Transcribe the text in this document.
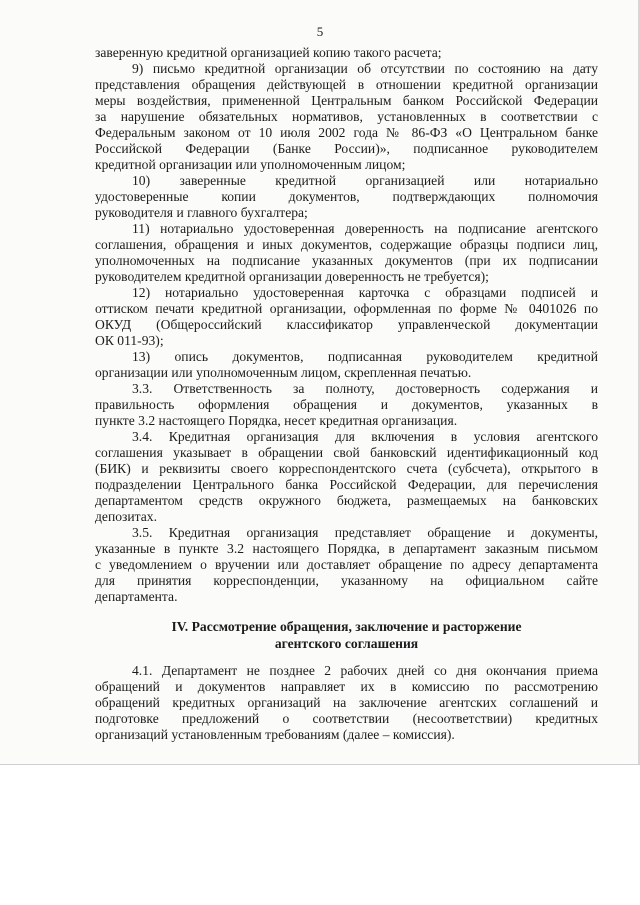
5
заверенную кредитной организацией копию такого расчета;
9) письмо кредитной организации об отсутствии по состоянию на дату
представления обращения действующей в отношении кредитной организации
меры воздействия, примененной Центральным банком Российской Федерации
за нарушение обязательных нормативов, установленных в соответствии с
Федеральным законом от 10 июля 2002 года № 86-ФЗ «О Центральном банке
Российской Федерации (Банке России)», подписанное руководителем
кредитной организации или уполномоченным лицом;
10) заверенные кредитной организацией или нотариально
удостоверенные копии документов, подтверждающих полномочия
руководителя и главного бухгалтера;
11) нотариально удостоверенная доверенность на подписание агентского
соглашения, обращения и иных документов, содержащие образцы подписи лиц,
уполномоченных на подписание указанных документов (при их подписании
руководителем кредитной организации доверенность не требуется);
12) нотариально удостоверенная карточка с образцами подписей и
оттиском печати кредитной организации, оформленная по форме № 0401026 по
ОКУД (Общероссийский классификатор управленческой документации
ОК 011-93);
13) опись документов, подписанная руководителем кредитной
организации или уполномоченным лицом, скрепленная печатью.
3.3. Ответственность за полноту, достоверность содержания и
правильность оформления обращения и документов, указанных в
пункте 3.2 настоящего Порядка, несет кредитная организация.
3.4. Кредитная организация для включения в условия агентского
соглашения указывает в обращении свой банковский идентификационный код
(БИК) и реквизиты своего корреспондентского счета (субсчета), открытого в
подразделении Центрального банка Российской Федерации, для перечисления
департаментом средств окружного бюджета, размещаемых на банковских
депозитах.
3.5. Кредитная организация представляет обращение и документы,
указанные в пункте 3.2 настоящего Порядка, в департамент заказным письмом
с уведомлением о вручении или доставляет обращение по адресу департамента
для принятия корреспонденции, указанному на официальном сайте
департамента.
IV. Рассмотрение обращения, заключение и расторжение
агентского соглашения
4.1. Департамент не позднее 2 рабочих дней со дня окончания приема
обращений и документов направляет их в комиссию по рассмотрению
обращений кредитных организаций на заключение агентских соглашений и
подготовке предложений о соответствии (несоответствии) кредитных
организаций установленным требованиям (далее – комиссия).
